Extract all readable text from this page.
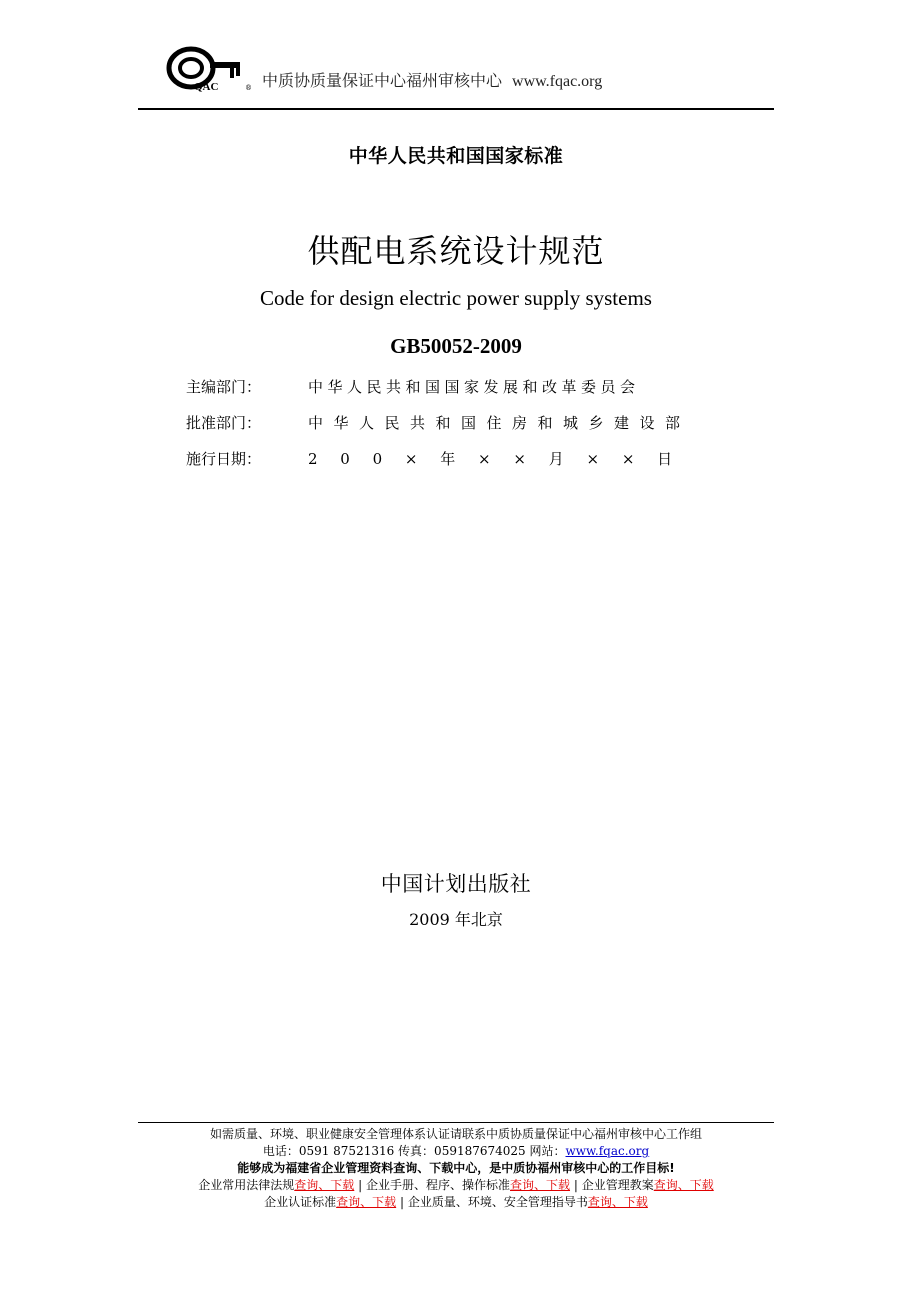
QAC	® 中质协质量保证中心福州审核中心 www.fqac.org
中华人民共和国国家标准
供配电系统设计规范
Code for design electric power supply systems
GB50052-2009
主编部门：	中华人民共和国国家发展和改革委员会
批准部门：	中华人民共和国住房和城乡建设部
施行日期：	2 0 0 × 年 × × 月 × × 日
中国计划出版社
2009 年北京
如需质量、环境、职业健康安全管理体系认证请联系中质协质量保证中心福州审核中心工作组
电话：0591 87521316 传真：059187674025 网站：www.fqac.org
能够成为福建省企业管理资料查询、下载中心，是中质协福州审核中心的工作目标!
企业常用法律法规查询、下载 | 企业手册、程序、操作标准查询、下载 | 企业管理教案查询、下载
企业认证标准查询、下载 | 企业质量、环境、安全管理指导书查询、下载
